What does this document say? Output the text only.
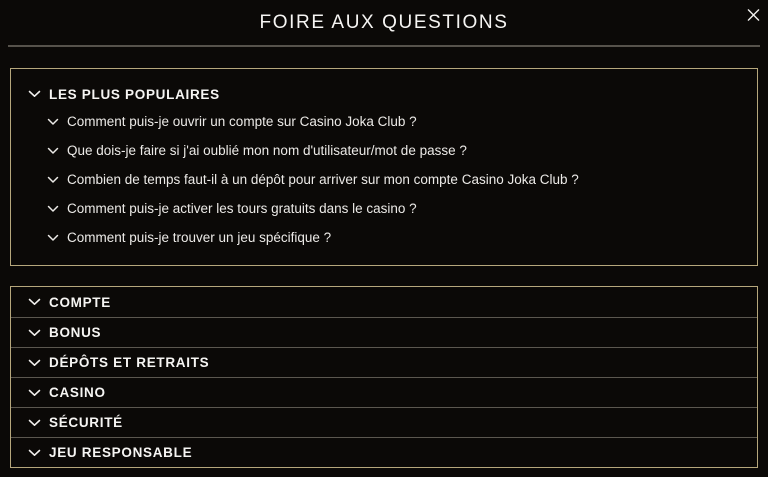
FOIRE AUX QUESTIONS
LES PLUS POPULAIRES
Comment puis-je ouvrir un compte sur Casino Joka Club ?
Que dois-je faire si j'ai oublié mon nom d'utilisateur/mot de passe ?
Combien de temps faut-il à un dépôt pour arriver sur mon compte Casino Joka Club ?
Comment puis-je activer les tours gratuits dans le casino ?
Comment puis-je trouver un jeu spécifique ?
COMPTE
BONUS
DÉPÔTS ET RETRAITS
CASINO
SÉCURITÉ
JEU RESPONSABLE
